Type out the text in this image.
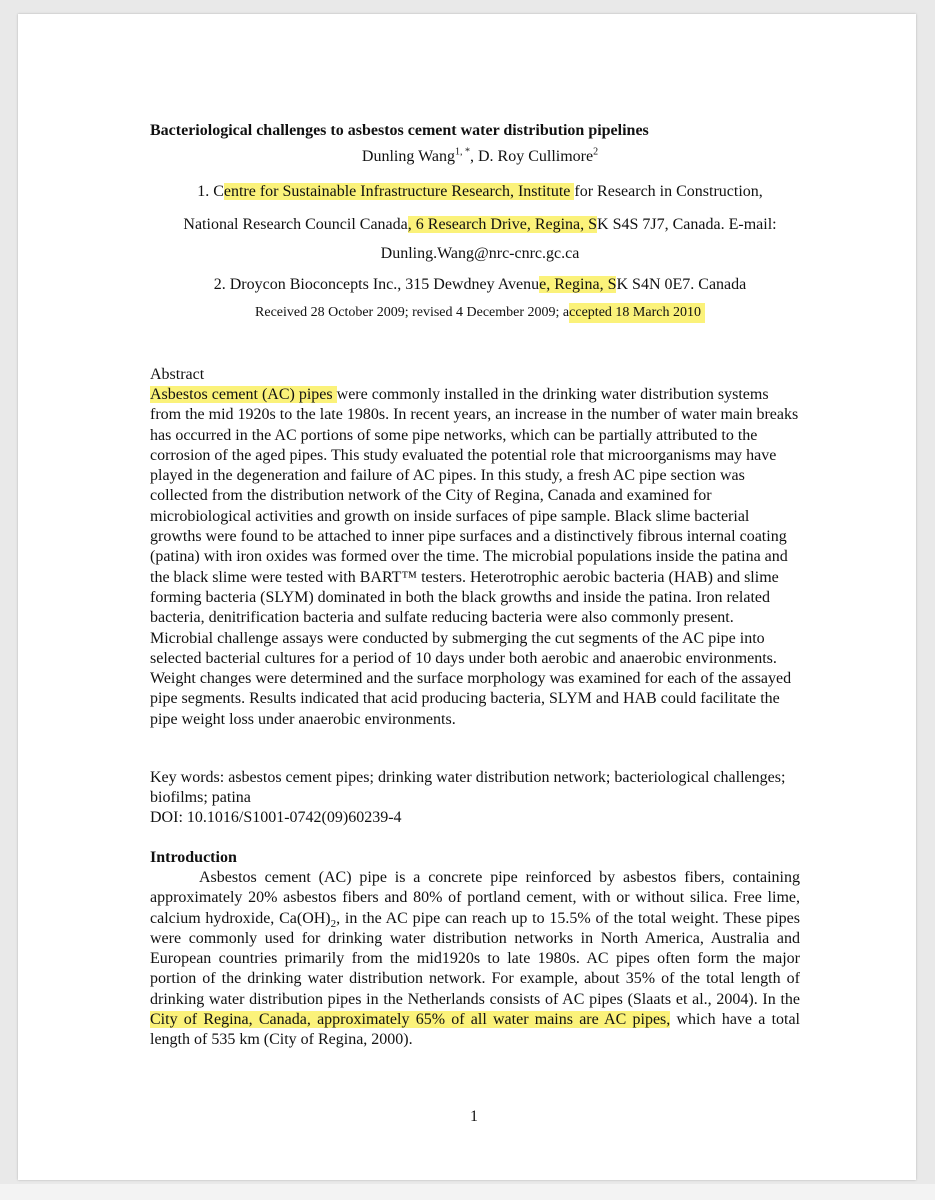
Bacteriological challenges to asbestos cement water distribution pipelines
Dunling Wang$^{1, *}$, D. Roy Cullimore$^2$
1. Centre for Sustainable Infrastructure Research, Institute for Research in Construction,
National Research Council Canada, 6 Research Drive, Regina, SK S4S 7J7, Canada. E-mail:
Dunling.Wang@nrc-cnrc.gc.ca
2. Droycon Bioconcepts Inc., 315 Dewdney Avenue, Regina, SK S4N 0E7. Canada
Received 28 October 2009; revised 4 December 2009; accepted 18 March 2010
Abstract
Asbestos cement (AC) pipes were commonly installed in the drinking water distribution systems from the mid 1920s to the late 1980s. In recent years, an increase in the number of water main breaks has occurred in the AC portions of some pipe networks, which can be partially attributed to the corrosion of the aged pipes. This study evaluated the potential role that microorganisms may have played in the degeneration and failure of AC pipes. In this study, a fresh AC pipe section was collected from the distribution network of the City of Regina, Canada and examined for microbiological activities and growth on inside surfaces of pipe sample. Black slime bacterial growths were found to be attached to inner pipe surfaces and a distinctively fibrous internal coating (patina) with iron oxides was formed over the time. The microbial populations inside the patina and the black slime were tested with BART™ testers. Heterotrophic aerobic bacteria (HAB) and slime forming bacteria (SLYM) dominated in both the black growths and inside the patina. Iron related bacteria, denitrification bacteria and sulfate reducing bacteria were also commonly present. Microbial challenge assays were conducted by submerging the cut segments of the AC pipe into selected bacterial cultures for a period of 10 days under both aerobic and anaerobic environments. Weight changes were determined and the surface morphology was examined for each of the assayed pipe segments. Results indicated that acid producing bacteria, SLYM and HAB could facilitate the pipe weight loss under anaerobic environments.
Key words: asbestos cement pipes; drinking water distribution network; bacteriological challenges; biofilms; patina
DOI: 10.1016/S1001-0742(09)60239-4
Introduction
Asbestos cement (AC) pipe is a concrete pipe reinforced by asbestos fibers, containing approximately 20% asbestos fibers and 80% of portland cement, with or without silica. Free lime, calcium hydroxide, $Ca(OH)_2$, in the AC pipe can reach up to 15.5% of the total weight. These pipes were commonly used for drinking water distribution networks in North America, Australia and European countries primarily from the mid1920s to late 1980s. AC pipes often form the major portion of the drinking water distribution network. For example, about 35% of the total length of drinking water distribution pipes in the Netherlands consists of AC pipes (Slaats et al., 2004). In the City of Regina, Canada, approximately 65% of all water mains are AC pipes, which have a total length of 535 km (City of Regina, 2000).
1
